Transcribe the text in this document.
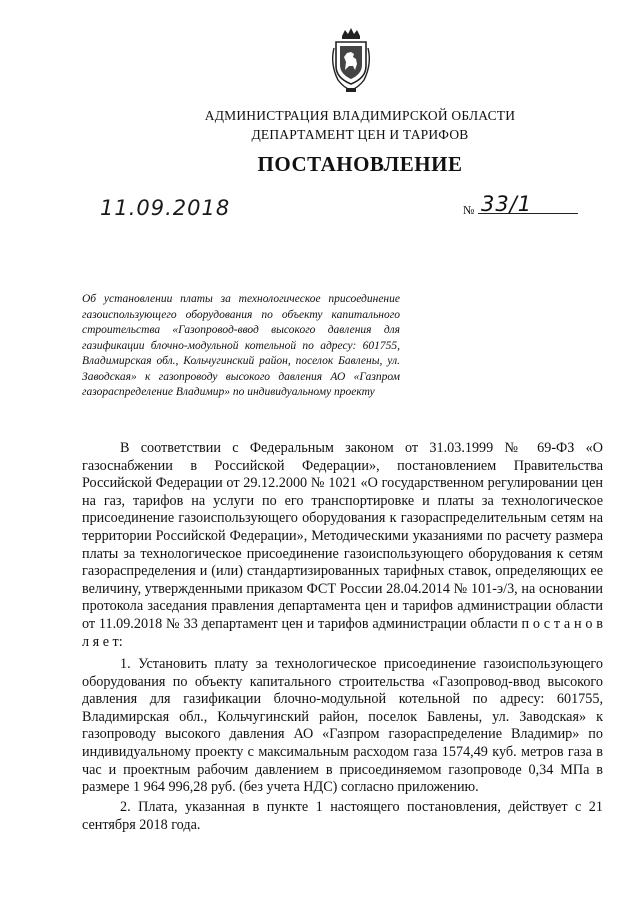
АДМИНИСТРАЦИЯ ВЛАДИМИРСКОЙ ОБЛАСТИ
ДЕПАРТАМЕНТ ЦЕН И ТАРИФОВ
ПОСТАНОВЛЕНИЕ
11.09.2018	№ 33/1
Об установлении платы за технологическое присоединение газоиспользующего оборудования по объекту капитального строительства «Газопровод-ввод высокого давления для газификации блочно-модульной котельной по адресу: 601755, Владимирская обл., Кольчугинский район, поселок Бавлены, ул. Заводская» к газопроводу высокого давления АО «Газпром газораспределение Владимир» по индивидуальному проекту
В соответствии с Федеральным законом от 31.03.1999 № 69-ФЗ «О газоснабжении в Российской Федерации», постановлением Правительства Российской Федерации от 29.12.2000 № 1021 «О государственном регулировании цен на газ, тарифов на услуги по его транспортировке и платы за технологическое присоединение газоиспользующего оборудования к газораспределительным сетям на территории Российской Федерации», Методическими указаниями по расчету размера платы за технологическое присоединение газоиспользующего оборудования к сетям газораспределения и (или) стандартизированных тарифных ставок, определяющих ее величину, утвержденными приказом ФСТ России 28.04.2014 № 101-э/3, на основании протокола заседания правления департамента цен и тарифов администрации области от 11.09.2018 № 33 департамент цен и тарифов администрации области п о с т а н о в л я е т:
1. Установить плату за технологическое присоединение газоиспользующего оборудования по объекту капитального строительства «Газопровод-ввод высокого давления для газификации блочно-модульной котельной по адресу: 601755, Владимирская обл., Кольчугинский район, поселок Бавлены, ул. Заводская» к газопроводу высокого давления АО «Газпром газораспределение Владимир» по индивидуальному проекту с максимальным расходом газа 1574,49 куб. метров газа в час и проектным рабочим давлением в присоединяемом газопроводе 0,34 МПа в размере 1 964 996,28 руб. (без учета НДС) согласно приложению.
2. Плата, указанная в пункте 1 настоящего постановления, действует с 21 сентября 2018 года.
